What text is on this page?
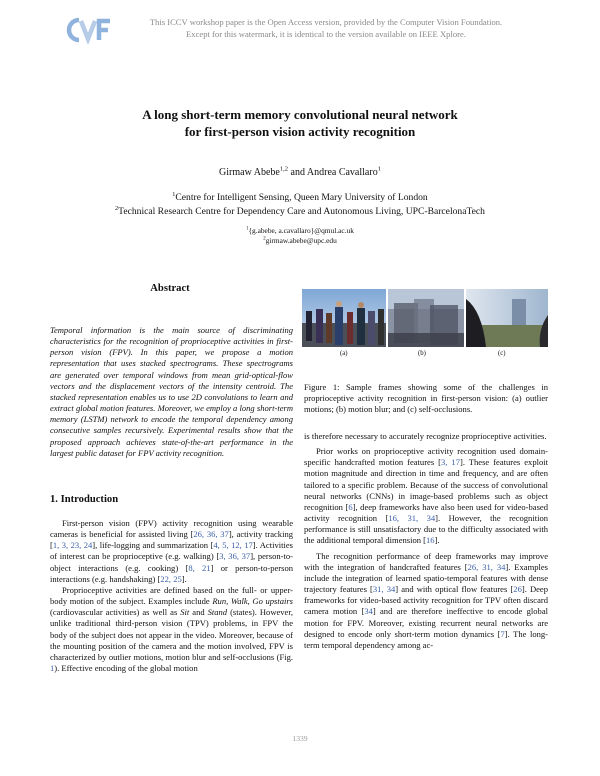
This ICCV workshop paper is the Open Access version, provided by the Computer Vision Foundation.
Except for this watermark, it is identical to the version available on IEEE Xplore.
A long short-term memory convolutional neural network
for first-person vision activity recognition
Girmaw Abebe$^{1,2}$ and Andrea Cavallaro$^1$
$^1$Centre for Intelligent Sensing, Queen Mary University of London
$^2$Technical Research Centre for Dependency Care and Autonomous Living, UPC-BarcelonaTech
$^1${g.abebe, a.cavallaro}@qmul.ac.uk
$^2$girmaw.abebe@upc.edu
Abstract
Temporal information is the main source of discriminating characteristics for the recognition of proprioceptive activities in first-person vision (FPV). In this paper, we propose a motion representation that uses stacked spectrograms. These spectrograms are generated over temporal windows from mean grid-optical-flow vectors and the displacement vectors of the intensity centroid. The stacked representation enables us to use 2D convolutions to learn and extract global motion features. Moreover, we employ a long short-term memory (LSTM) network to encode the temporal dependency among consecutive samples recursively. Experimental results show that the proposed approach achieves state-of-the-art performance in the largest public dataset for FPV activity recognition.
1. Introduction

First-person vision (FPV) activity recognition using wearable cameras is beneficial for assisted living [26, 36, 37], activity tracking [1, 3, 23, 24], life-logging and summarization [4, 5, 12, 17]. Activities of interest can be proprioceptive (e.g. walking) [3, 36, 37], person-to-object interactions (e.g. cooking) [8, 21] or person-to-person interactions (e.g. handshaking) [22, 25].

Proprioceptive activities are defined based on the full- or upper-body motion of the subject. Examples include Run, Walk, Go upstairs (cardiovascular activities) as well as Sit and Stand (states). However, unlike traditional third-person vision (TPV) problems, in FPV the body of the subject does not appear in the video. Moreover, because of the mounting position of the camera and the motion involved, FPV is characterized by outlier motions, motion blur and self-occlusions (Fig. 1). Effective encoding of the global motion

(a)	(b)	(c)
Figure 1: Sample frames showing some of the challenges in proprioceptive activity recognition in first-person vision: (a) outlier motions; (b) motion blur; and (c) self-occlusions.

is therefore necessary to accurately recognize proprioceptive activities.

Prior works on proprioceptive activity recognition used domain-specific handcrafted motion features [3, 17]. These features exploit motion magnitude and direction in time and frequency, and are often tailored to a specific problem. Because of the success of convolutional neural networks (CNNs) in image-based problems such as object recognition [6], deep frameworks have also been used for video-based activity recognition [16, 31, 34]. However, the recognition performance is still unsatisfactory due to the difficulty associated with the additional temporal dimension [16].

The recognition performance of deep frameworks may improve with the integration of handcrafted features [26, 31, 34]. Examples include the integration of learned spatio-temporal features with dense trajectory features [31, 34] and with optical flow features [26]. Deep frameworks for video-based activity recognition for TPV often discard camera motion [34] and are therefore ineffective to encode global motion for FPV. Moreover, existing recurrent neural networks are designed to encode only short-term motion dynamics [7]. The long-term temporal dependency among ac-

1339
